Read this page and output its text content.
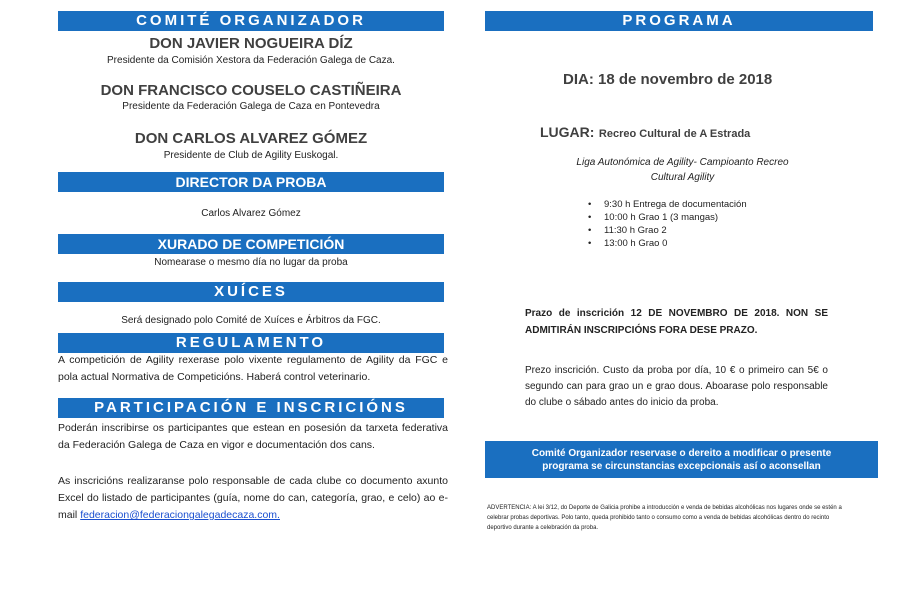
COMITÉ ORGANIZADOR
DON JAVIER NOGUEIRA DÍZ
Presidente da Comisión Xestora da Federación Galega de Caza.
DON FRANCISCO COUSELO CASTIÑEIRA
Presidente da Federación Galega de Caza en Pontevedra
DON CARLOS ALVAREZ GÓMEZ
Presidente de Club de Agility Euskogal.
DIRECTOR DA PROBA
Carlos Alvarez Gómez
XURADO DE COMPETICIÓN
Nomearase o mesmo día no lugar da proba
XUÍCES
Será designado polo Comité de Xuíces e Árbitros da FGC.
REGULAMENTO
A competición de Agility rexerase polo vixente regulamento de Agility da FGC e pola actual Normativa de Competicións. Haberá control veterinario.
PARTICIPACIÓN E INSCRICIÓNS
Poderán inscribirse os participantes que estean en posesión da tarxeta federativa da Federación Galega de Caza en vigor e documentación dos cans.
As inscricións realizaranse polo responsable de cada clube co documento axunto Excel do listado de participantes (guía, nome do can, categoría, grao, e celo) ao e-mail federacion@federaciongalegadecaza.com.
PROGRAMA
DIA: 18 de novembro de 2018
LUGAR: Recreo Cultural de A Estrada
Liga Autonómica de Agility- Campioanto Recreo Cultural Agility
• 9:30 h Entrega de documentación
• 10:00 h Grao 1 (3 mangas)
• 11:30 h Grao 2
• 13:00 h Grao 0
Prazo de inscrición 12 DE NOVEMBRO DE 2018. NON SE ADMITIRÁN INSCRIPCIÓNS FORA DESE PRAZO.
Prezo inscrición. Custo da proba por día, 10 € o primeiro can 5€ o segundo can para grao un e grao dous. Aboarase polo responsable do clube o sábado antes do inicio da proba.
Comité Organizador reservase o dereito a modificar o presente programa se circunstancias excepcionais así o aconsellan
ADVERTENCIA: A lei 3/12, do Deporte de Galicia prohibe a introducción e venda de bebidas alcohólicas nos lugares onde se estén a celebrar probas deportivas. Polo tanto, queda prohibido tanto o consumo como a venda de bebidas alcohólicas dentro do recinto deportivo durante a celebración da proba.
